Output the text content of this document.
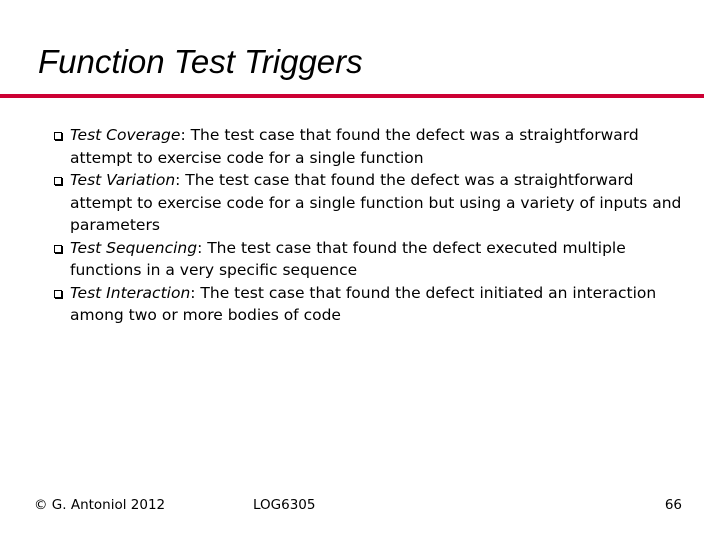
Function Test Triggers
Test Coverage: The test case that found the defect was a straightforward attempt to exercise code for a single function
Test Variation: The test case that found the defect was a straightforward attempt to exercise code for a single function but using a variety of inputs and parameters
Test Sequencing: The test case that found the defect executed multiple functions in a very specific sequence
Test Interaction: The test case that found the defect initiated an interaction among two or more bodies of code
© G. Antoniol 2012	LOG6305	66
